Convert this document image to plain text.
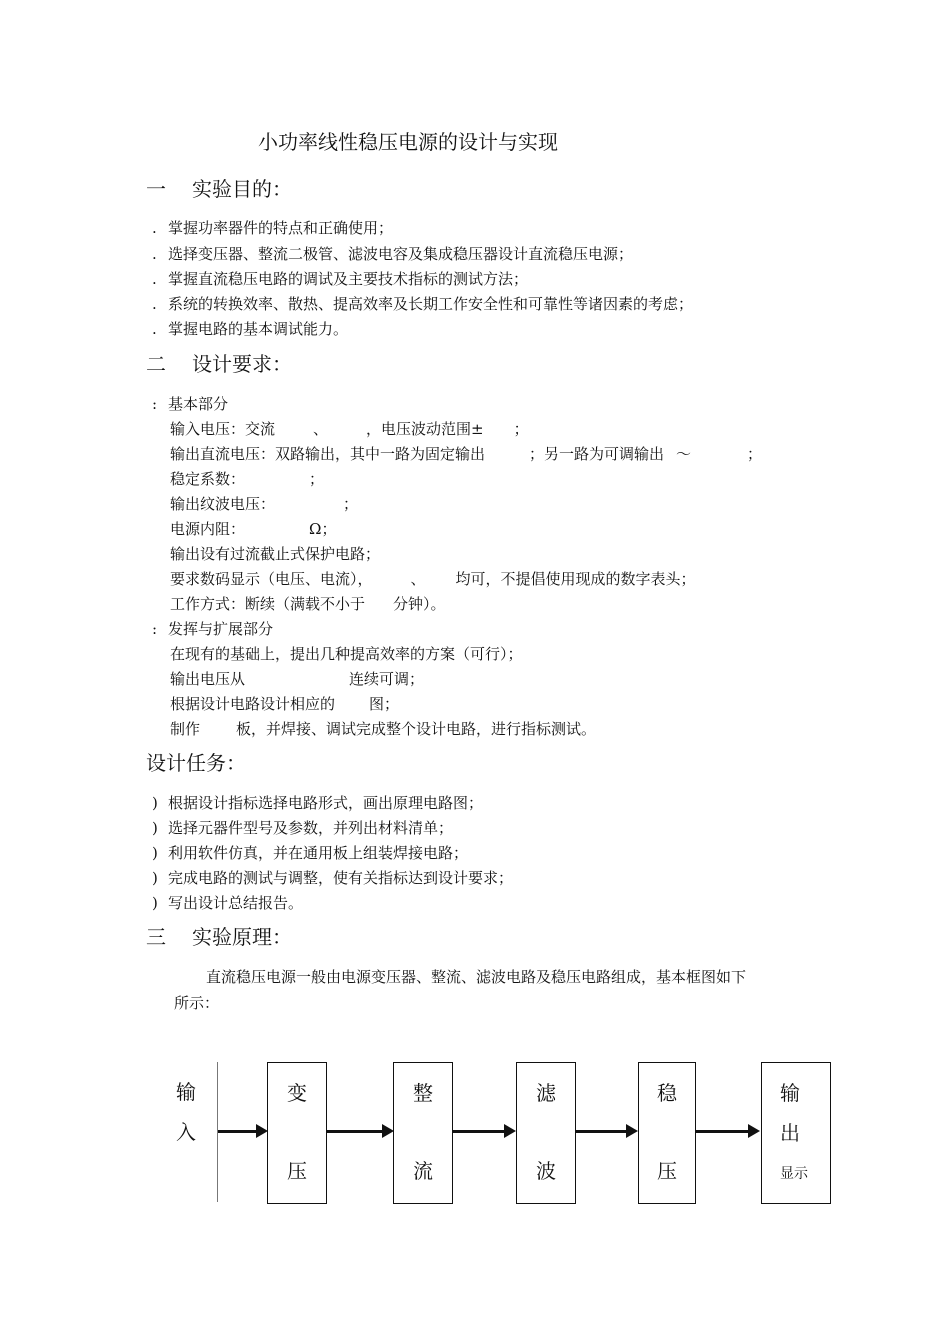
小功率线性稳压电源的设计与实现
一 实验目的：
. 掌握功率器件的特点和正确使用；
. 选择变压器、整流二极管、滤波电容及集成稳压器设计直流稳压电源；
. 掌握直流稳压电路的调试及主要技术指标的测试方法；
. 系统的转换效率、散热、提高效率及长期工作安全性和可靠性等诸因素的考虑；
. 掌握电路的基本调试能力。
二 设计要求：
: 基本部分
输入电压：交流	、	，电压波动范围± ；
输出直流电压：双路输出，其中一路为固定输出	；另一路为可调输出 ～	；
稳定系数：	；
输出纹波电压：	；
电源内阻：	Ω；
输出设有过流截止式保护电路；
要求数码显示（电压、电流），	、 均可，不提倡使用现成的数字表头；
工作方式：断续（满载不小于 分钟）。
: 发挥与扩展部分
在现有的基础上，提出几种提高效率的方案（可行）；
输出电压从	连续可调；
根据设计电路设计相应的 图；
制作 板，并焊接、调试完成整个设计电路，进行指标测试。
设计任务：
) 根据设计指标选择电路形式，画出原理电路图；
) 选择元器件型号及参数，并列出材料清单；
) 利用软件仿真，并在通用板上组装焊接电路；
) 完成电路的测试与调整，使有关指标达到设计要求；
) 写出设计总结报告。
三 实验原理：
直流稳压电源一般由电源变压器、整流、滤波电路及稳压电路组成，基本框图如下
所示：
输
入
变
压
整
流
滤
波
稳
压
输
出
显示
